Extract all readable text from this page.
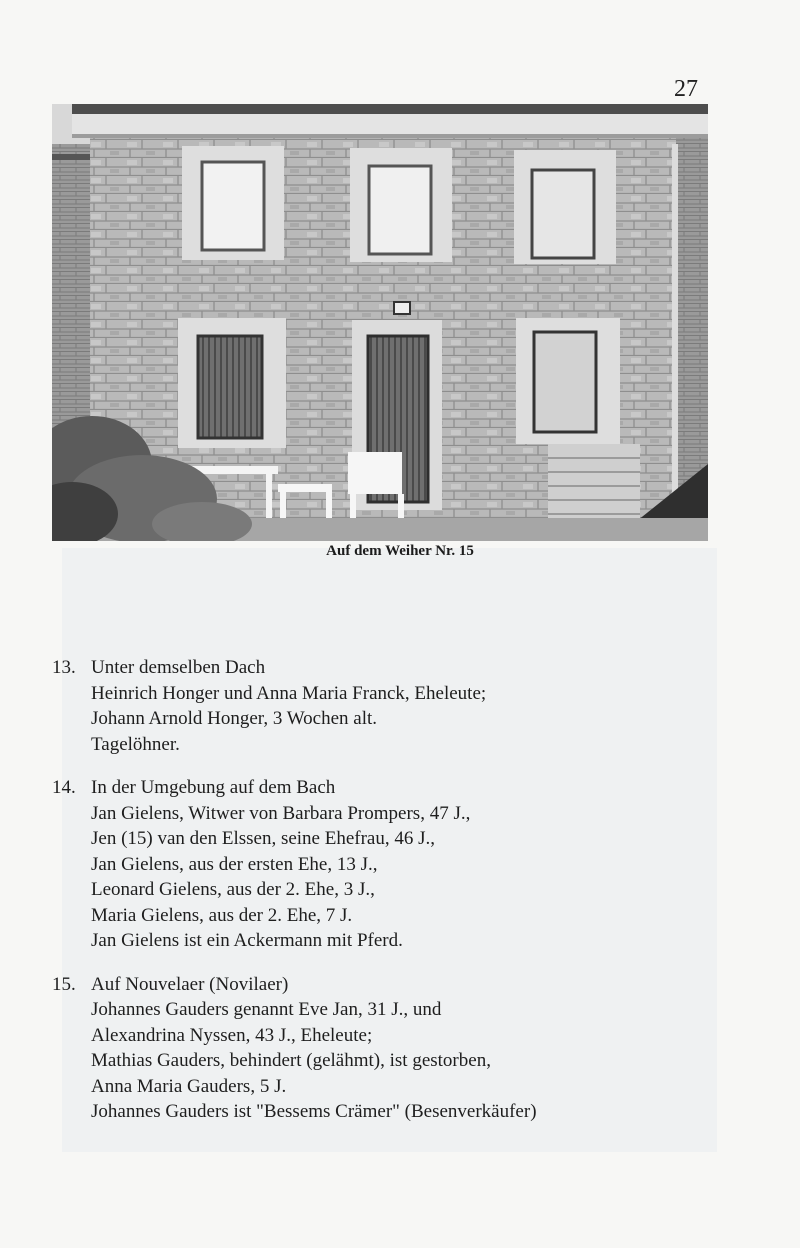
27
Auf dem Weiher Nr. 15
13. Unter demselben Dach
Heinrich Honger und Anna Maria Franck, Eheleute;
Johann Arnold Honger, 3 Wochen alt.
Tagelöhner.
14. In der Umgebung auf dem Bach
Jan Gielens, Witwer von Barbara Prompers, 47 J.,
Jen (15) van den Elssen, seine Ehefrau, 46 J.,
Jan Gielens, aus der ersten Ehe, 13 J.,
Leonard Gielens, aus der 2. Ehe, 3 J.,
Maria Gielens, aus der 2. Ehe, 7 J.
Jan Gielens ist ein Ackermann mit Pferd.
15. Auf Nouvelaer (Novilaer)
Johannes Gauders genannt Eve Jan, 31 J., und
Alexandrina Nyssen, 43 J., Eheleute;
Mathias Gauders, behindert (gelähmt), ist gestorben,
Anna Maria Gauders, 5 J.
Johannes Gauders ist "Bessems Crämer" (Besenverkäufer)
